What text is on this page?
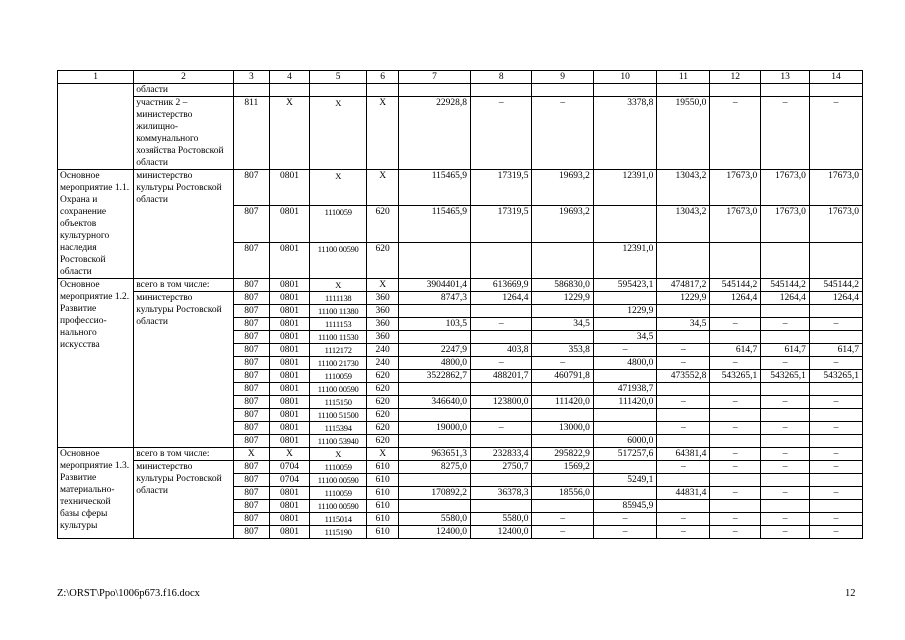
1	2	3	4	5	6	7	8	9	10	11	12	13	14
	области												
	участник 2 – министерство жилищно-коммунального хозяйства Ростовской области	811	Х	Х	Х	22928,8	–	–	3378,8	19550,0	–	–	–
Основное мероприятие 1.1. Охрана и сохранение объектов культурного наследия Ростовской области	министерство культуры Ростовской области	807	0801	Х	Х	115465,9	17319,5	19693,2	12391,0	13043,2	17673,0	17673,0	17673,0
		807	0801	1110059	620	115465,9	17319,5	19693,2		13043,2	17673,0	17673,0	17673,0
		807	0801	11100 00590	620				12391,0				
Основное мероприятие 1.2. Развитие профессио-нального искусства	всего в том числе:	807	0801	Х	Х	3904401,4	613669,9	586830,0	595423,1	474817,2	545144,2	545144,2	545144,2
	министерство культуры Ростовской области	807	0801	1111138	360	8747,3	1264,4	1229,9		1229,9	1264,4	1264,4	1264,4
		807	0801	11100 11380	360				1229,9				
		807	0801	1111153	360	103,5	–	34,5		34,5	–	–	–
		807	0801	11100 11530	360				34,5				
		807	0801	1112172	240	2247,9	403,8	353,8	–	–	614,7	614,7	614,7
		807	0801	11100 21730	240	4800,0	–	–	4800,0	–	–	–	–
		807	0801	1110059	620	3522862,7	488201,7	460791,8		473552,8	543265,1	543265,1	543265,1
		807	0801	11100 00590	620				471938,7				
		807	0801	1115150	620	346640,0	123800,0	111420,0	111420,0	–	–	–	–
		807	0801	11100 51500	620								
		807	0801	1115394	620	19000,0	–	13000,0		–	–	–	–
		807	0801	11100 53940	620				6000,0				
Основное мероприятие 1.3. Развитие материально-технической базы сферы культуры	всего в том числе:	Х	Х	Х	Х	963651,3	232833,4	295822,9	517257,6	64381,4	–	–	–
	министерство культуры Ростовской области	807	0704	1110059	610	8275,0	2750,7	1569,2		–	–	–	–
		807	0704	11100 00590	610				5249,1				
		807	0801	1110059	610	170892,2	36378,3	18556,0		44831,4	–	–	–
		807	0801	11100 00590	610				85945,9				
		807	0801	1115014	610	5580,0	5580,0	–	–	–	–	–	–
		807	0801	1115190	610	12400,0	12400,0	–	–	–	–	–	–
Z:\ORST\Ppo\1006p673.f16.docx	12
